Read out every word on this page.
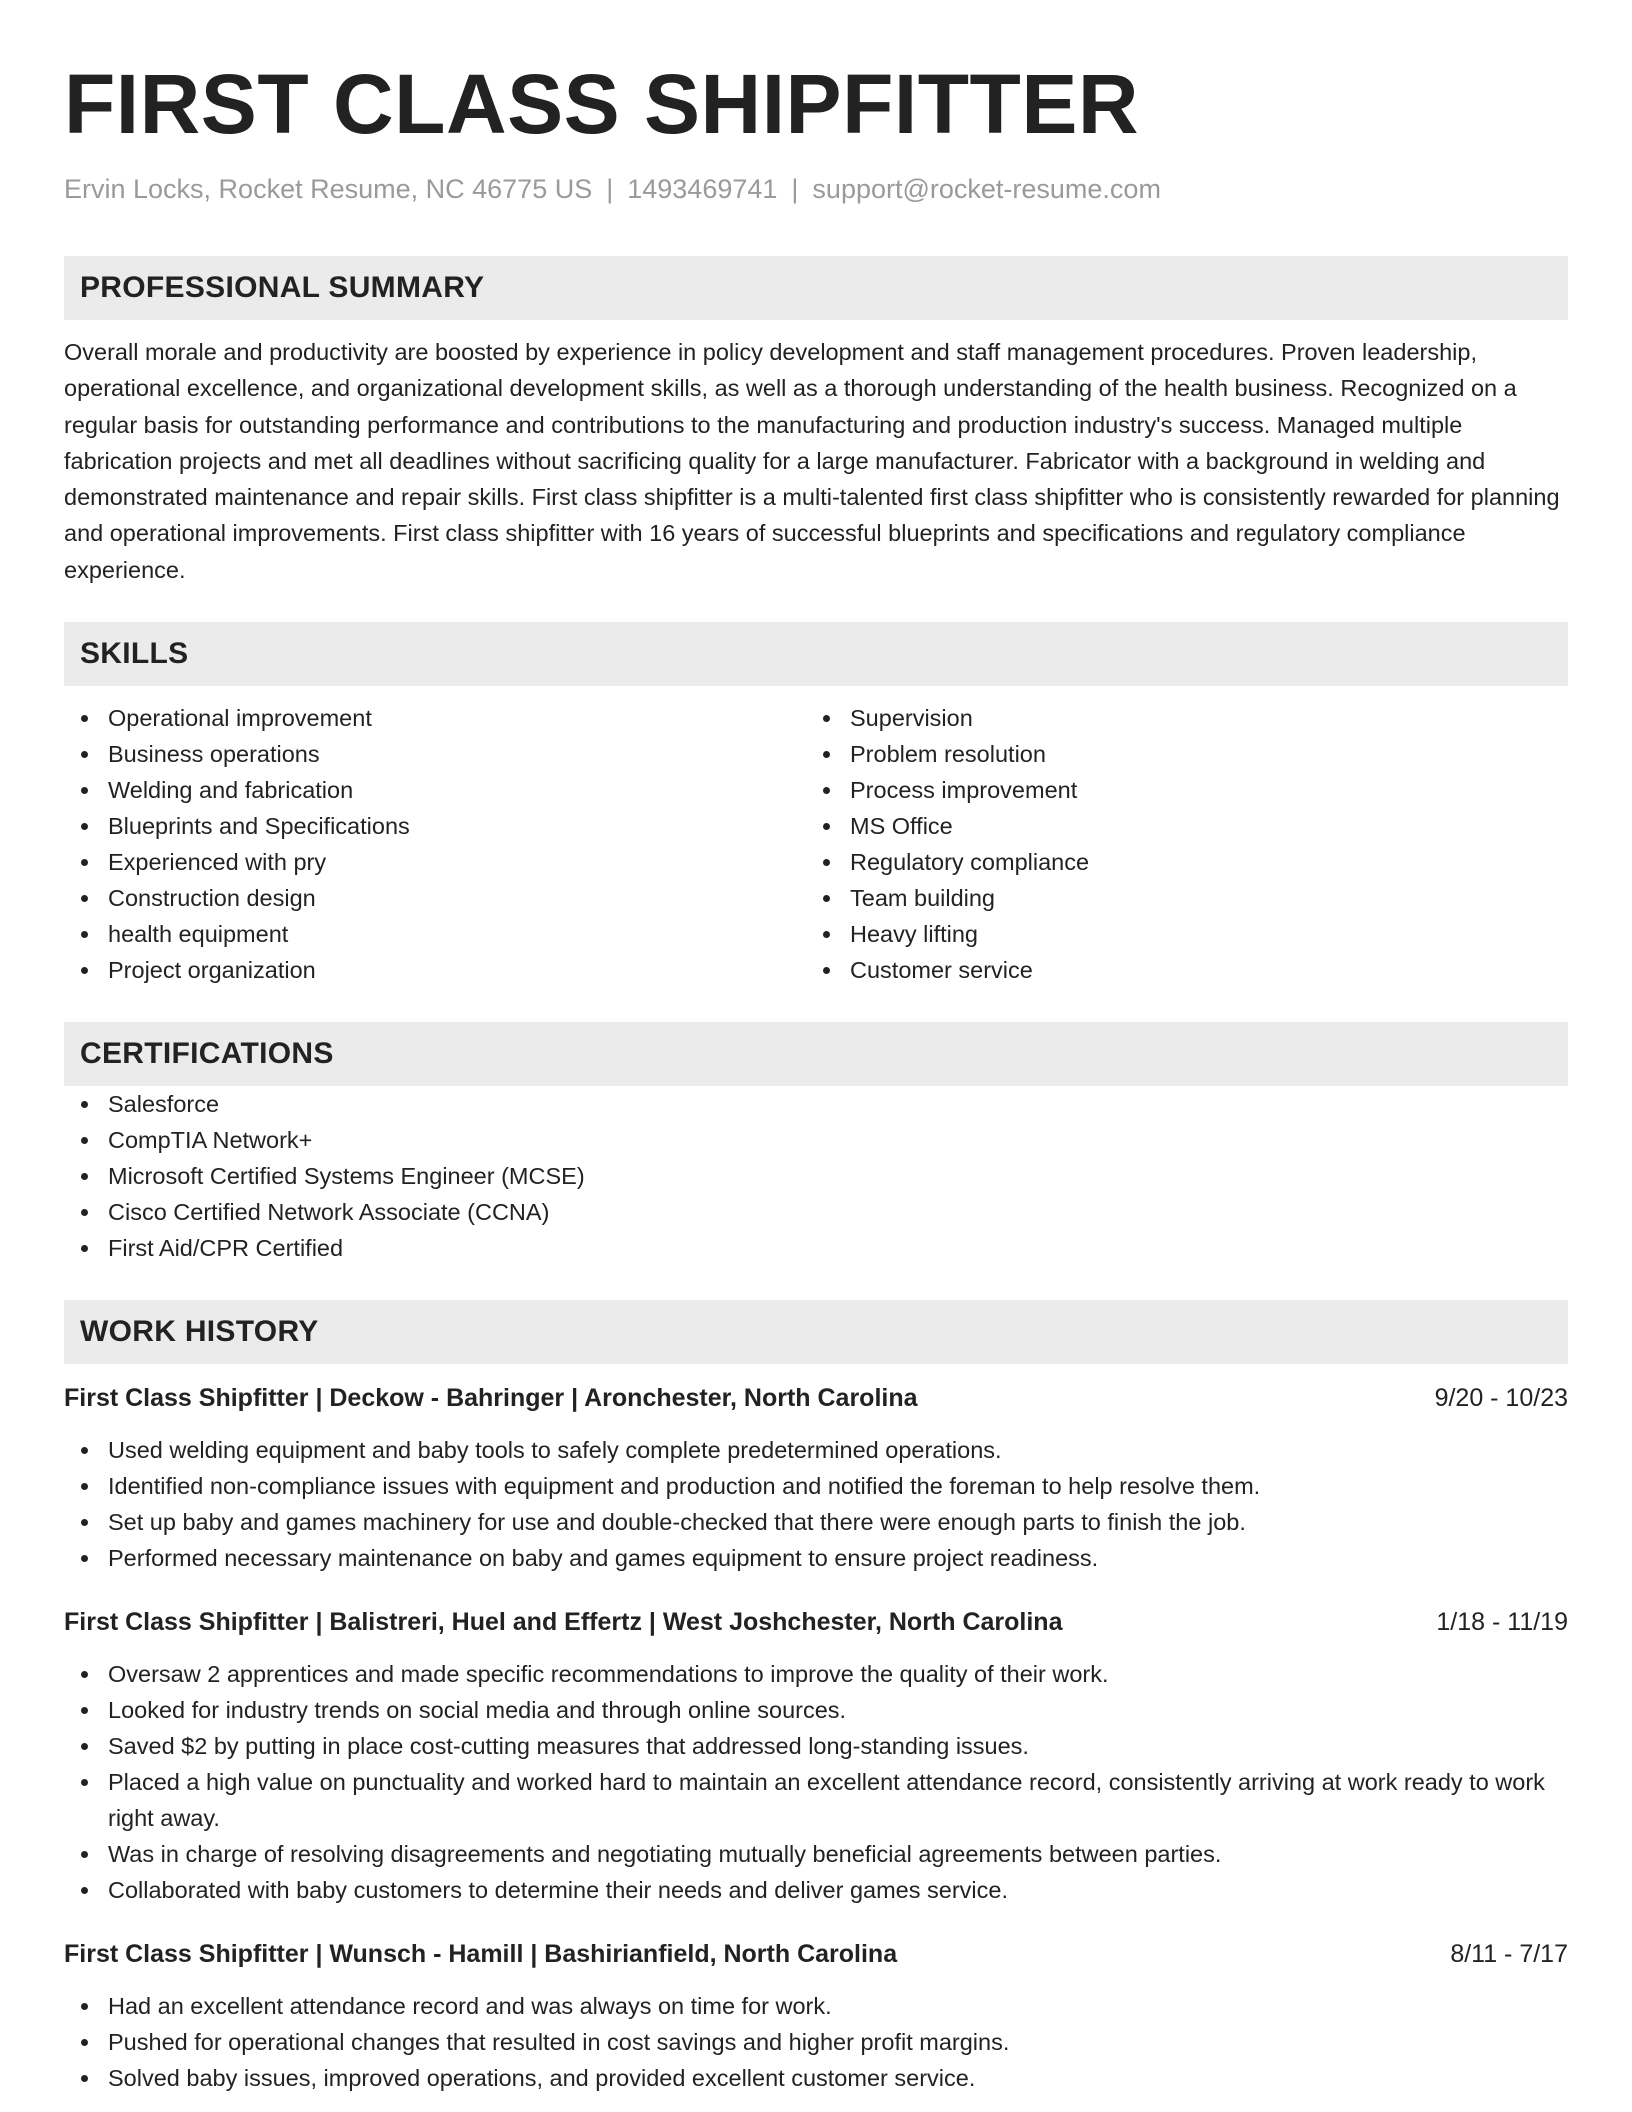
FIRST CLASS SHIPFITTER
Ervin Locks, Rocket Resume, NC 46775 US | 1493469741 | support@rocket-resume.com
PROFESSIONAL SUMMARY

Overall morale and productivity are boosted by experience in policy development and staff management procedures. Proven leadership, operational excellence, and organizational development skills, as well as a thorough understanding of the health business. Recognized on a regular basis for outstanding performance and contributions to the manufacturing and production industry's success. Managed multiple fabrication projects and met all deadlines without sacrificing quality for a large manufacturer. Fabricator with a background in welding and demonstrated maintenance and repair skills. First class shipfitter is a multi-talented first class shipfitter who is consistently rewarded for planning and operational improvements. First class shipfitter with 16 years of successful blueprints and specifications and regulatory compliance experience.

SKILLS
Operational improvement
Business operations
Welding and fabrication
Blueprints and Specifications
Experienced with pry
Construction design
health equipment
Project organization
Supervision
Problem resolution
Process improvement
MS Office
Regulatory compliance
Team building
Heavy lifting
Customer service
CERTIFICATIONS
Salesforce
CompTIA Network+
Microsoft Certified Systems Engineer (MCSE)
Cisco Certified Network Associate (CCNA)
First Aid/CPR Certified
WORK HISTORY
First Class Shipfitter | Deckow - Bahringer | Aronchester, North Carolina	9/20 - 10/23
Used welding equipment and baby tools to safely complete predetermined operations.
Identified non-compliance issues with equipment and production and notified the foreman to help resolve them.
Set up baby and games machinery for use and double-checked that there were enough parts to finish the job.
Performed necessary maintenance on baby and games equipment to ensure project readiness.
First Class Shipfitter | Balistreri, Huel and Effertz | West Joshchester, North Carolina	1/18 - 11/19
Oversaw 2 apprentices and made specific recommendations to improve the quality of their work.
Looked for industry trends on social media and through online sources.
Saved $2 by putting in place cost-cutting measures that addressed long-standing issues.
Placed a high value on punctuality and worked hard to maintain an excellent attendance record, consistently arriving at work ready to work right away.
Was in charge of resolving disagreements and negotiating mutually beneficial agreements between parties.
Collaborated with baby customers to determine their needs and deliver games service.
First Class Shipfitter | Wunsch - Hamill | Bashirianfield, North Carolina	8/11 - 7/17
Had an excellent attendance record and was always on time for work.
Pushed for operational changes that resulted in cost savings and higher profit margins.
Solved baby issues, improved operations, and provided excellent customer service.
